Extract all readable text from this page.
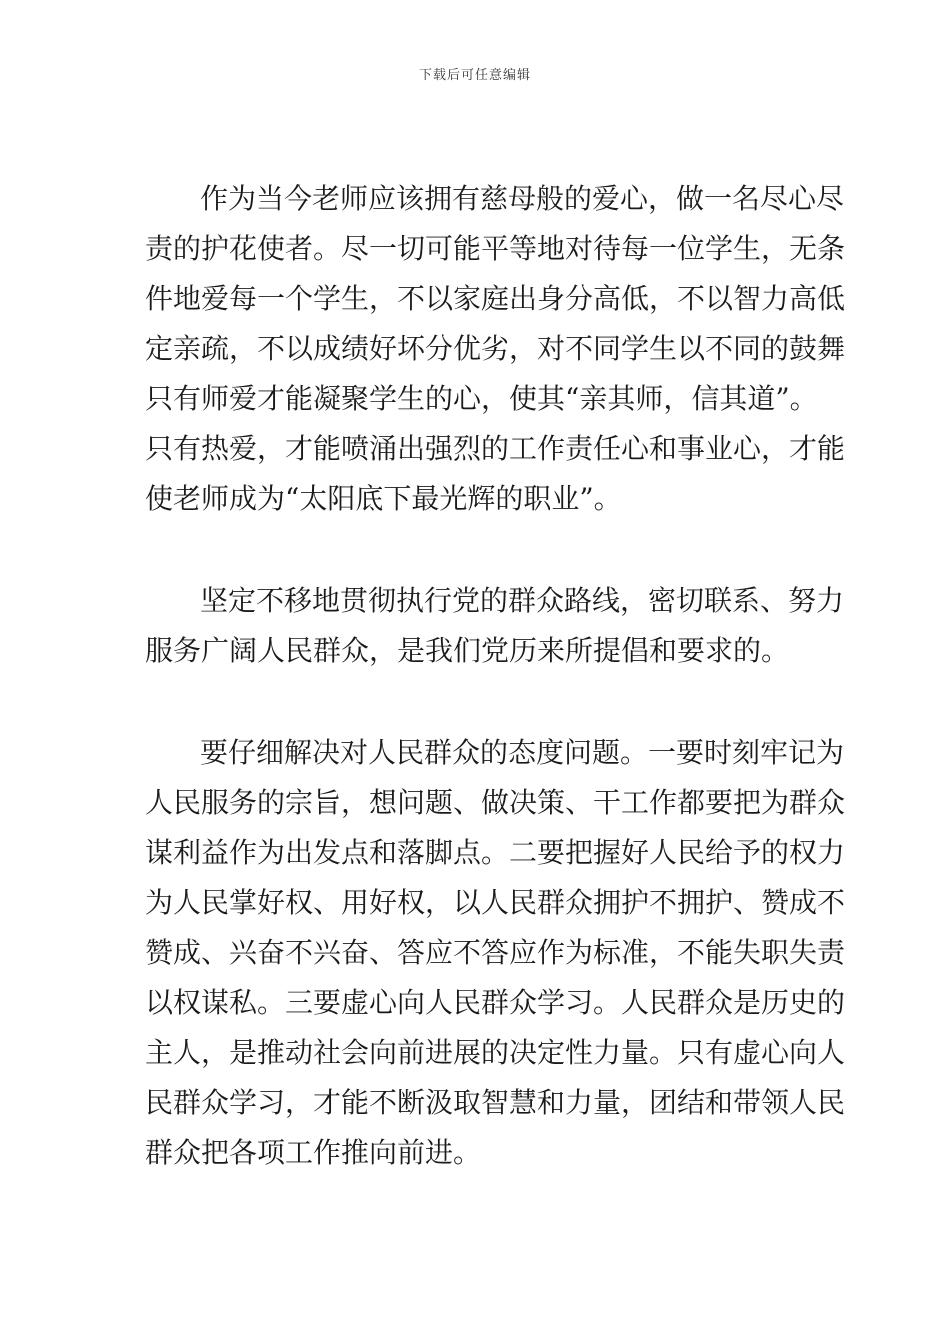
下载后可任意编辑
作为当今老师应该拥有慈母般的爱心，做一名尽心尽
责的护花使者。尽一切可能平等地对待每一位学生，无条
件地爱每一个学生，不以家庭出身分高低，不以智力高低
定亲疏，不以成绩好坏分优劣，对不同学生以不同的鼓舞
只有师爱才能凝聚学生的心，使其“亲其师，信其道”。
只有热爱，才能喷涌出强烈的工作责任心和事业心，才能
使老师成为“太阳底下最光辉的职业”。
坚定不移地贯彻执行党的群众路线，密切联系、努力
服务广阔人民群众，是我们党历来所提倡和要求的。
要仔细解决对人民群众的态度问题。一要时刻牢记为
人民服务的宗旨，想问题、做决策、干工作都要把为群众
谋利益作为出发点和落脚点。二要把握好人民给予的权力
为人民掌好权、用好权，以人民群众拥护不拥护、赞成不
赞成、兴奋不兴奋、答应不答应作为标准，不能失职失责
以权谋私。三要虚心向人民群众学习。人民群众是历史的
主人，是推动社会向前进展的决定性力量。只有虚心向人
民群众学习，才能不断汲取智慧和力量，团结和带领人民
群众把各项工作推向前进。
